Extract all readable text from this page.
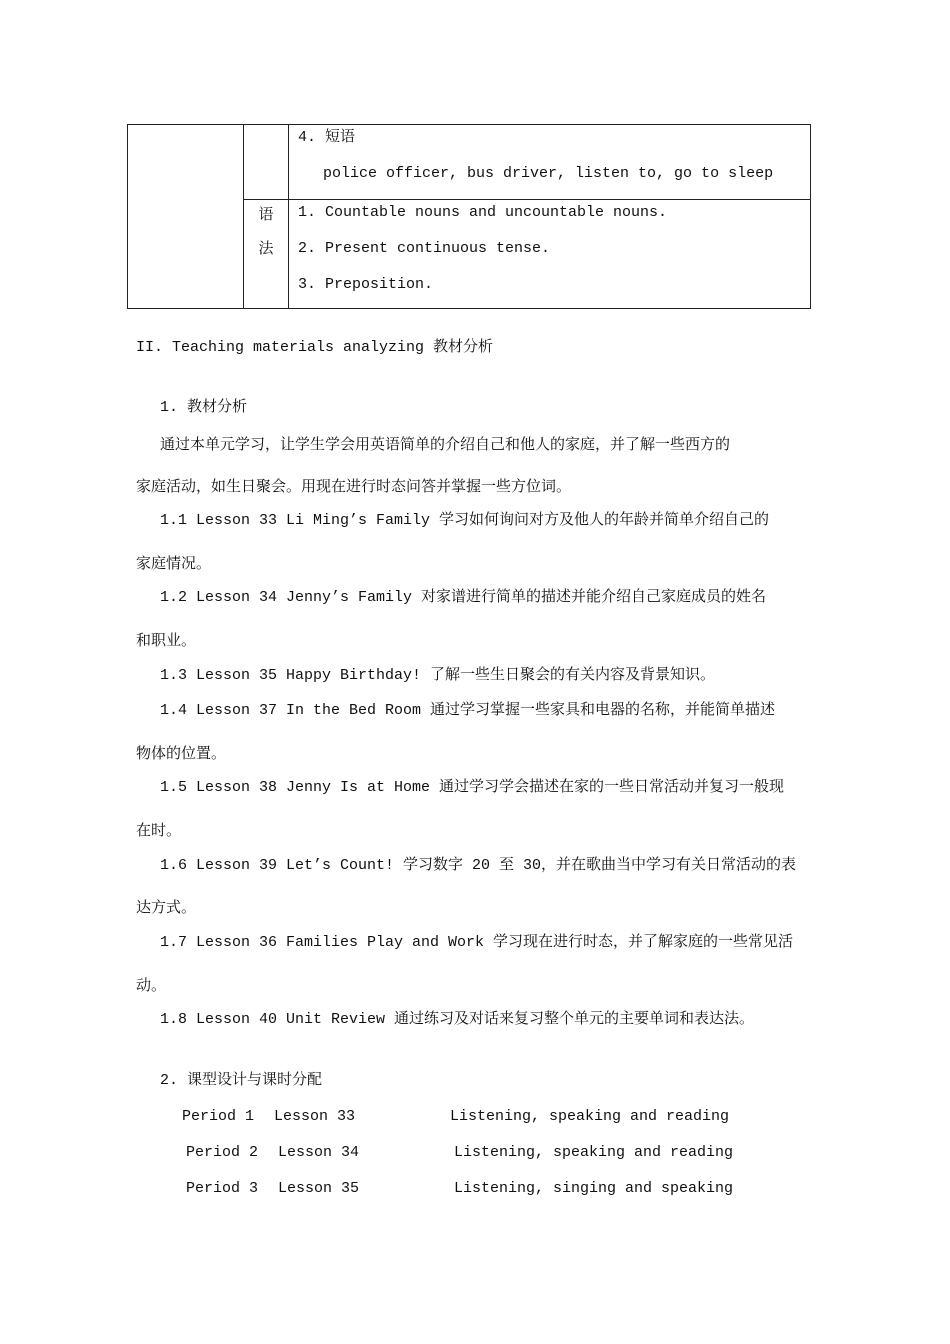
		4. 短语
police officer, bus driver, listen to, go to sleep

	语
法	1. Countable nouns and uncountable nouns.
2. Present continuous tense.
3. Preposition.
II. Teaching materials analyzing 教材分析
1. 教材分析
通过本单元学习，让学生学会用英语简单的介绍自己和他人的家庭，并了解一些西方的
家庭活动，如生日聚会。用现在进行时态问答并掌握一些方位词。
1.1 Lesson 33 Li Ming’s Family 学习如何询问对方及他人的年龄并简单介绍自己的
家庭情况。
1.2 Lesson 34 Jenny’s Family 对家谱进行简单的描述并能介绍自己家庭成员的姓名
和职业。
1.3 Lesson 35 Happy Birthday! 了解一些生日聚会的有关内容及背景知识。
1.4 Lesson 37 In the Bed Room 通过学习掌握一些家具和电器的名称，并能简单描述
物体的位置。
1.5 Lesson 38 Jenny Is at Home 通过学习学会描述在家的一些日常活动并复习一般现
在时。
1.6 Lesson 39 Let’s Count! 学习数字 20 至 30，并在歌曲当中学习有关日常活动的表
达方式。
1.7 Lesson 36 Families Play and Work 学习现在进行时态，并了解家庭的一些常见活
动。
1.8 Lesson 40 Unit Review 通过练习及对话来复习整个单元的主要单词和表达法。
2. 课型设计与课时分配
Period 1 Lesson 33	Listening, speaking and reading
Period 2 Lesson 34	Listening, speaking and reading
Period 3 Lesson 35	Listening, singing and speaking
